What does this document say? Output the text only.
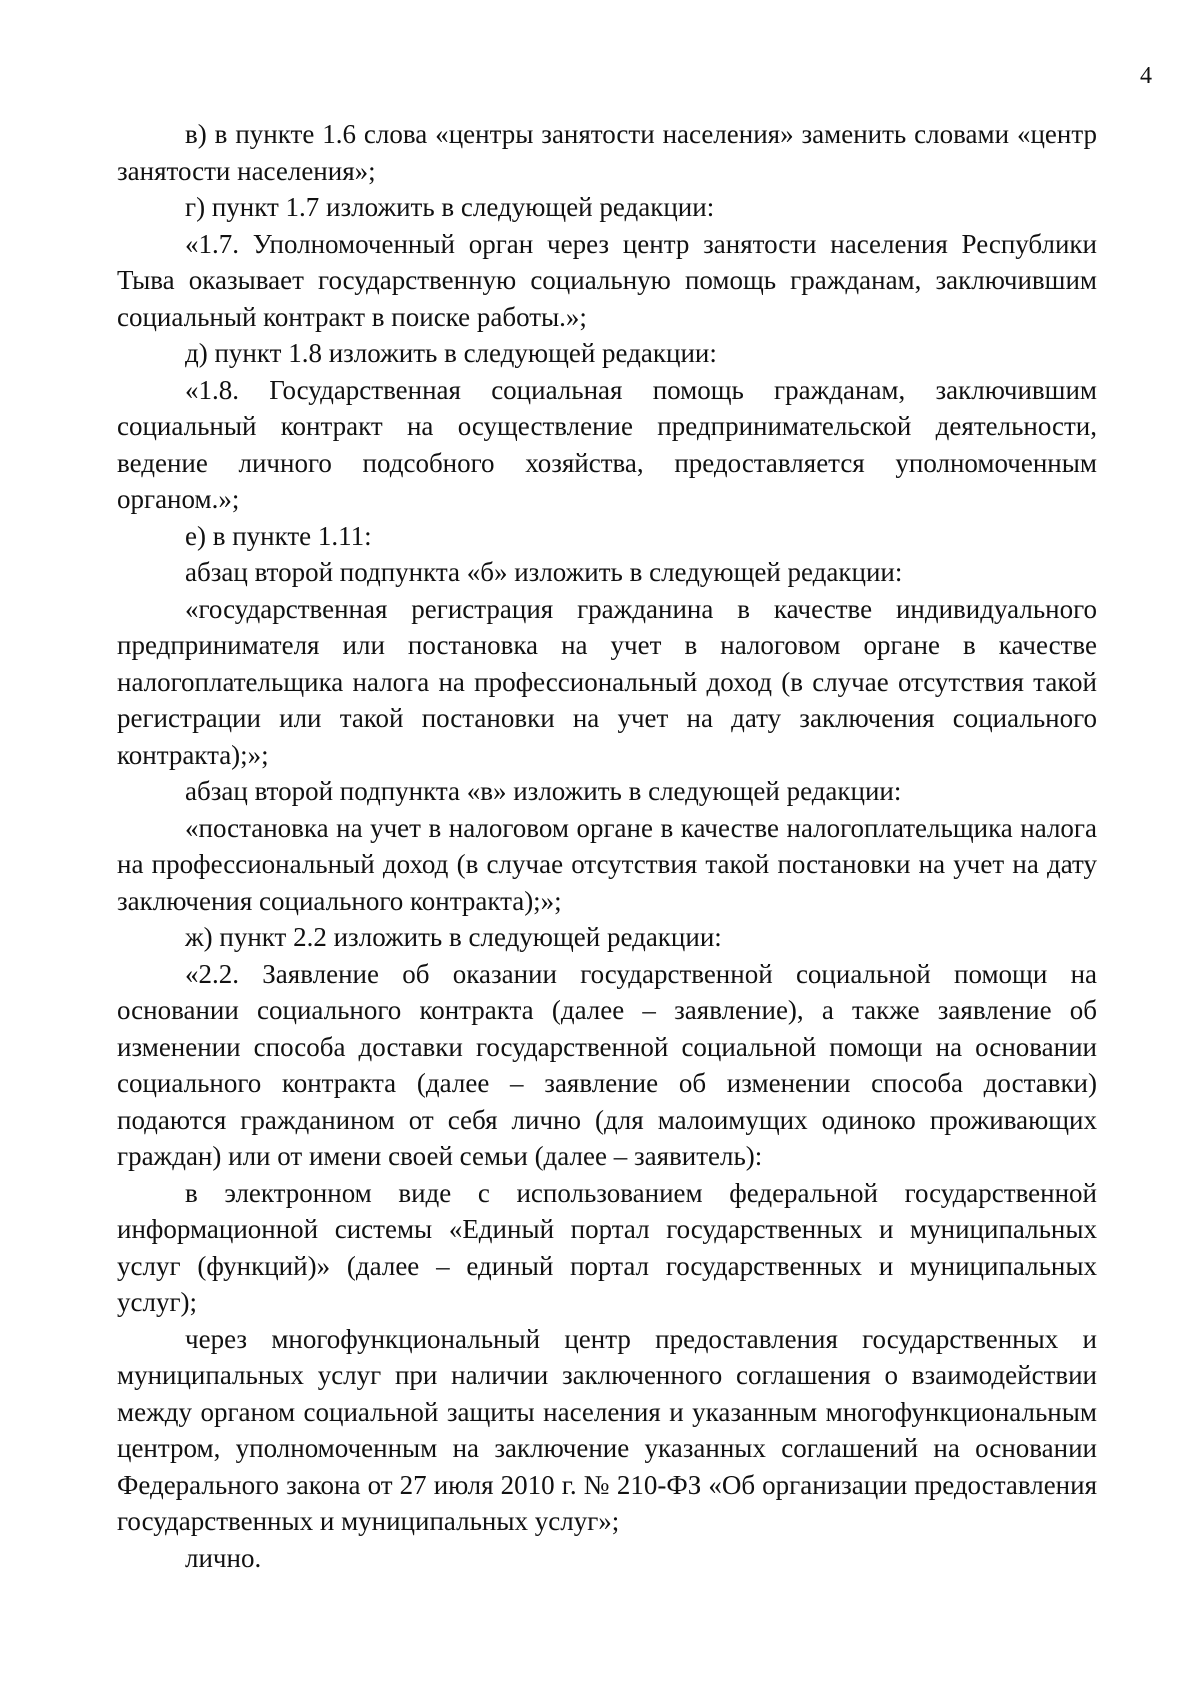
4

в) в пункте 1.6 слова «центры занятости населения» заменить словами «центр занятости населения»;

г) пункт 1.7 изложить в следующей редакции:

«1.7. Уполномоченный орган через центр занятости населения Республики Тыва оказывает государственную социальную помощь гражданам, заключившим социальный контракт в поиске работы.»;

д) пункт 1.8 изложить в следующей редакции:

«1.8. Государственная социальная помощь гражданам, заключившим социальный контракт на осуществление предпринимательской деятельности, ведение личного подсобного хозяйства, предоставляется уполномоченным органом.»;

е) в пункте 1.11:

абзац второй подпункта «б» изложить в следующей редакции:

«государственная регистрация гражданина в качестве индивидуального предпринимателя или постановка на учет в налоговом органе в качестве налогоплательщика налога на профессиональный доход (в случае отсутствия такой регистрации или такой постановки на учет на дату заключения социального контракта);»;

абзац второй подпункта «в» изложить в следующей редакции:

«постановка на учет в налоговом органе в качестве налогоплательщика налога на профессиональный доход (в случае отсутствия такой постановки на учет на дату заключения социального контракта);»;

ж) пункт 2.2 изложить в следующей редакции:

«2.2. Заявление об оказании государственной социальной помощи на основании социального контракта (далее – заявление), а также заявление об изменении способа доставки государственной социальной помощи на основании социального контракта (далее – заявление об изменении способа доставки) подаются гражданином от себя лично (для малоимущих одиноко проживающих граждан) или от имени своей семьи (далее – заявитель):

в электронном виде с использованием федеральной государственной информационной системы «Единый портал государственных и муниципальных услуг (функций)» (далее – единый портал государственных и муниципальных услуг);

через многофункциональный центр предоставления государственных и муниципальных услуг при наличии заключенного соглашения о взаимодействии между органом социальной защиты населения и указанным многофункциональным центром, уполномоченным на заключение указанных соглашений на основании Федерального закона от 27 июля 2010 г. № 210-ФЗ «Об организации предоставления государственных и муниципальных услуг»;

лично.
